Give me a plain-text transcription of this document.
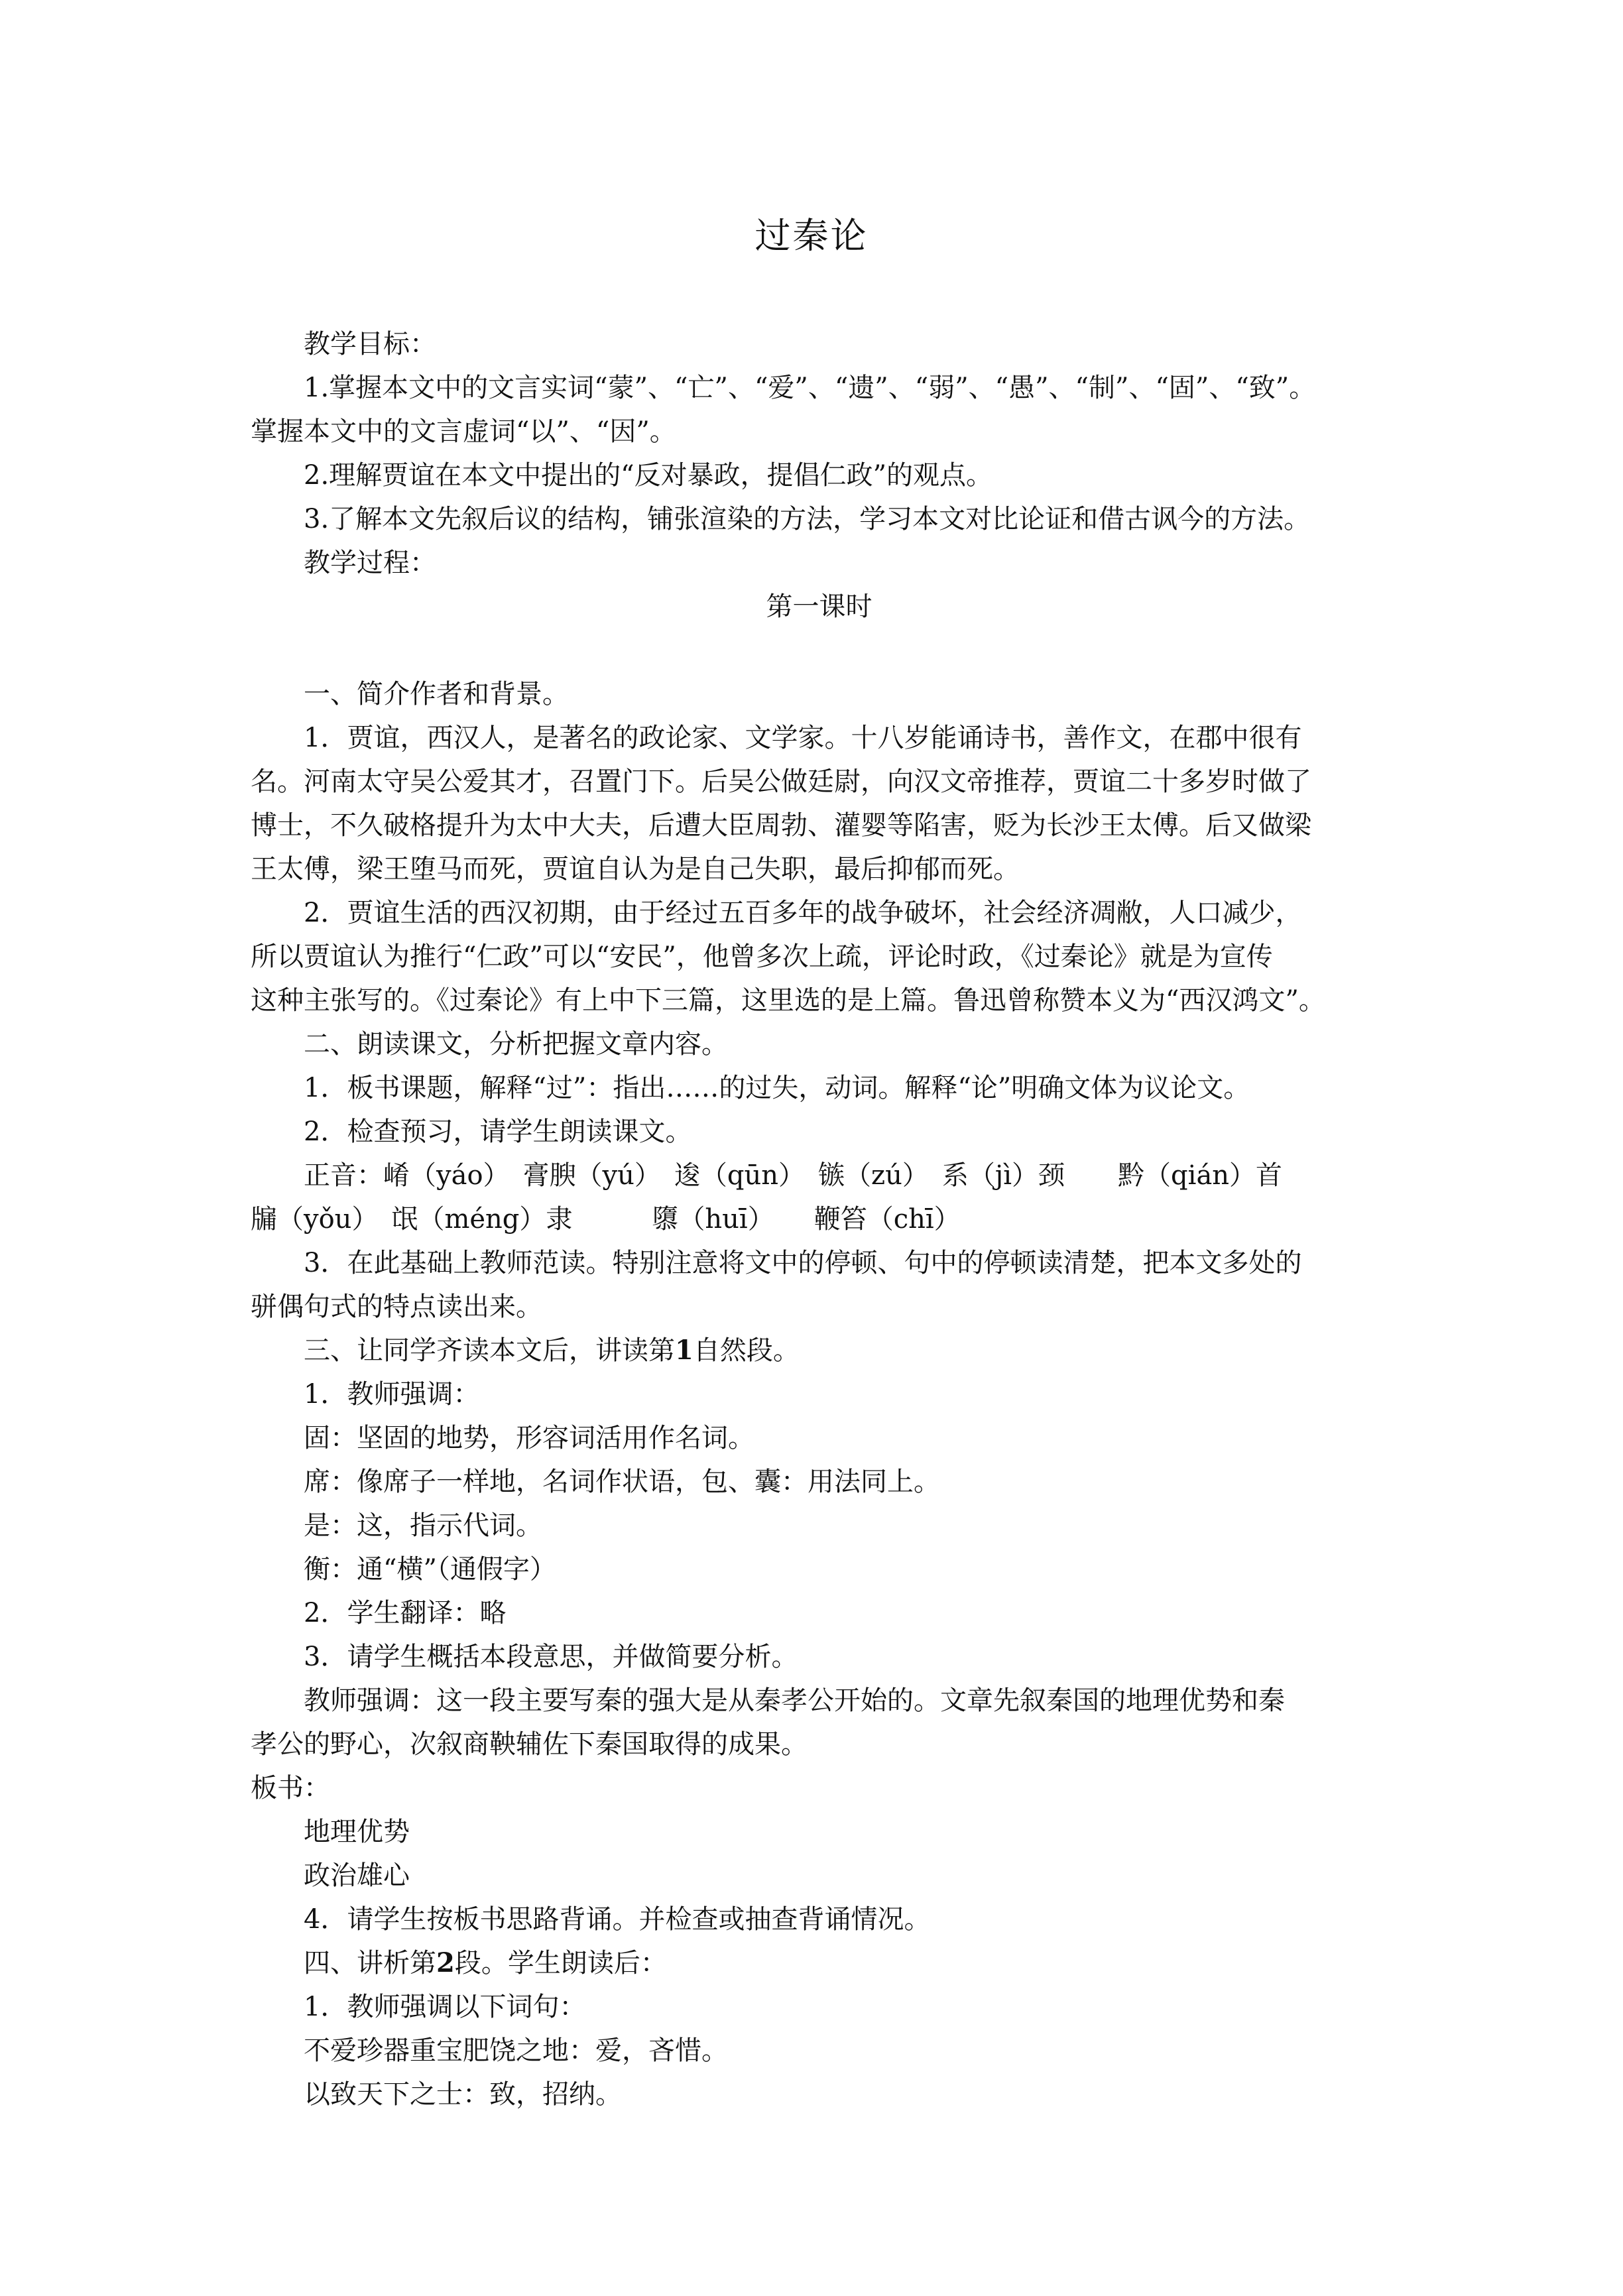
过秦论

教学目标：

1.掌握本文中的文言实词“蒙”、“亡”、“爱”、“遗”、“弱”、“愚”、“制”、“固”、“致”。

掌握本文中的文言虚词“以”、“因”。

2.理解贾谊在本文中提出的“反对暴政，提倡仁政”的观点。

3.了解本文先叙后议的结构，铺张渲染的方法，学习本文对比论证和借古讽今的方法。

教学过程：

第一课时

一、简介作者和背景。

1．贾谊，西汉人，是著名的政论家、文学家。十八岁能诵诗书，善作文，在郡中很有

名。河南太守吴公爱其才，召置门下。后吴公做廷尉，向汉文帝推荐，贾谊二十多岁时做了

博士，不久破格提升为太中大夫，后遭大臣周勃、灌婴等陷害，贬为长沙王太傅。后又做梁

王太傅，梁王堕马而死，贾谊自认为是自己失职，最后抑郁而死。

2．贾谊生活的西汉初期，由于经过五百多年的战争破坏，社会经济凋敝，人口减少，

所以贾谊认为推行“仁政”可以“安民”，他曾多次上疏，评论时政，《过秦论》就是为宣传

这种主张写的。《过秦论》有上中下三篇，这里选的是上篇。鲁迅曾称赞本义为“西汉鸿文”。

二、朗读课文，分析把握文章内容。

1．板书课题，解释“过”：指出……的过失，动词。解释“论”明确文体为议论文。

2．检查预习，请学生朗读课文。

正音：崤（yáo）　膏腴（yú）　逡（qūn）　镞（zú）　系（jì）颈　　黔（qián）首

牖（yǒu）　氓（méng）隶　　　隳（huī）　　鞭笞（chī）

3．在此基础上教师范读。特别注意将文中的停顿、句中的停顿读清楚，把本文多处的

骈偶句式的特点读出来。

三、让同学齐读本文后，讲读第1自然段。

1．教师强调：

固：坚固的地势，形容词活用作名词。

席：像席子一样地，名词作状语，包、囊：用法同上。

是：这，指示代词。

衡：通“横”（通假字）

2．学生翻译：略

3．请学生概括本段意思，并做简要分析。

教师强调：这一段主要写秦的强大是从秦孝公开始的。文章先叙秦国的地理优势和秦

孝公的野心，次叙商鞅辅佐下秦国取得的成果。

板书：

地理优势

政治雄心

4．请学生按板书思路背诵。并检查或抽查背诵情况。

四、讲析第2段。学生朗读后：

1．教师强调以下词句：

不爱珍器重宝肥饶之地：爱，吝惜。

以致天下之士：致，招纳。
